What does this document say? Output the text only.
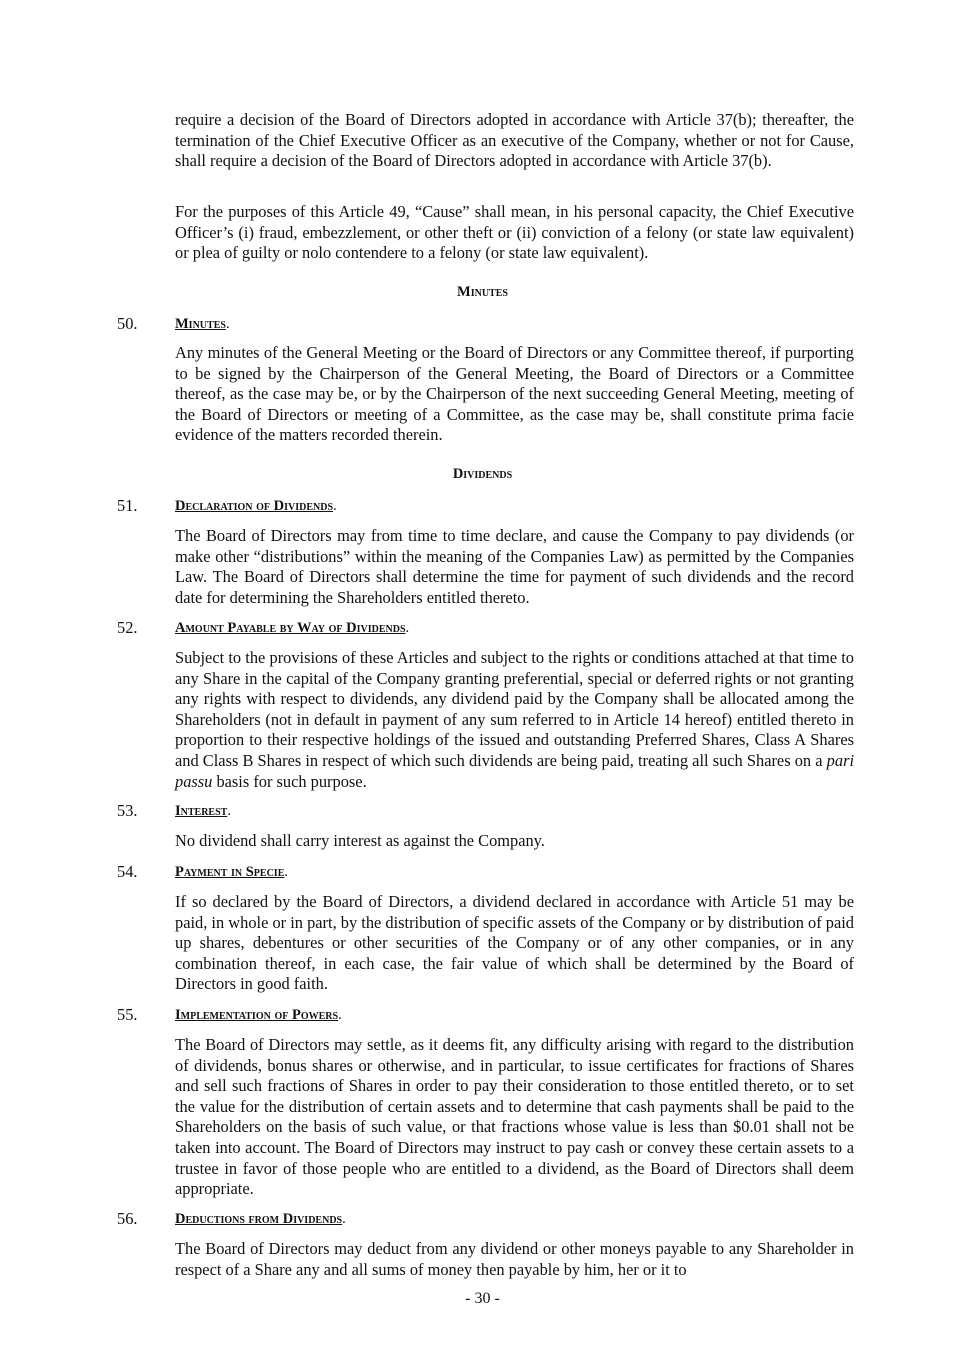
require a decision of the Board of Directors adopted in accordance with Article 37(b); thereafter, the termination of the Chief Executive Officer as an executive of the Company, whether or not for Cause, shall require a decision of the Board of Directors adopted in accordance with Article 37(b).

For the purposes of this Article 49, “Cause” shall mean, in his personal capacity, the Chief Executive Officer’s (i) fraud, embezzlement, or other theft or (ii) conviction of a felony (or state law equivalent) or plea of guilty or nolo contendere to a felony (or state law equivalent).

Minutes
50.	Minutes.

Any minutes of the General Meeting or the Board of Directors or any Committee thereof, if purporting to be signed by the Chairperson of the General Meeting, the Board of Directors or a Committee thereof, as the case may be, or by the Chairperson of the next succeeding General Meeting, meeting of the Board of Directors or meeting of a Committee, as the case may be, shall constitute prima facie evidence of the matters recorded therein.

Dividends
51.	Declaration of Dividends.

The Board of Directors may from time to time declare, and cause the Company to pay dividends (or make other “distributions” within the meaning of the Companies Law) as permitted by the Companies Law. The Board of Directors shall determine the time for payment of such dividends and the record date for determining the Shareholders entitled thereto.

52.	Amount Payable by Way of Dividends.

Subject to the provisions of these Articles and subject to the rights or conditions attached at that time to any Share in the capital of the Company granting preferential, special or deferred rights or not granting any rights with respect to dividends, any dividend paid by the Company shall be allocated among the Shareholders (not in default in payment of any sum referred to in Article 14 hereof) entitled thereto in proportion to their respective holdings of the issued and outstanding Preferred Shares, Class A Shares and Class B Shares in respect of which such dividends are being paid, treating all such Shares on a pari passu basis for such purpose.

53.	Interest.

No dividend shall carry interest as against the Company.

54.	Payment in Specie.

If so declared by the Board of Directors, a dividend declared in accordance with Article 51 may be paid, in whole or in part, by the distribution of specific assets of the Company or by distribution of paid up shares, debentures or other securities of the Company or of any other companies, or in any combination thereof, in each case, the fair value of which shall be determined by the Board of Directors in good faith.

55.	Implementation of Powers.

The Board of Directors may settle, as it deems fit, any difficulty arising with regard to the distribution of dividends, bonus shares or otherwise, and in particular, to issue certificates for fractions of Shares and sell such fractions of Shares in order to pay their consideration to those entitled thereto, or to set the value for the distribution of certain assets and to determine that cash payments shall be paid to the Shareholders on the basis of such value, or that fractions whose value is less than $0.01 shall not be taken into account. The Board of Directors may instruct to pay cash or convey these certain assets to a trustee in favor of those people who are entitled to a dividend, as the Board of Directors shall deem appropriate.

56.	Deductions from Dividends.

The Board of Directors may deduct from any dividend or other moneys payable to any Shareholder in respect of a Share any and all sums of money then payable by him, her or it to

- 30 -
